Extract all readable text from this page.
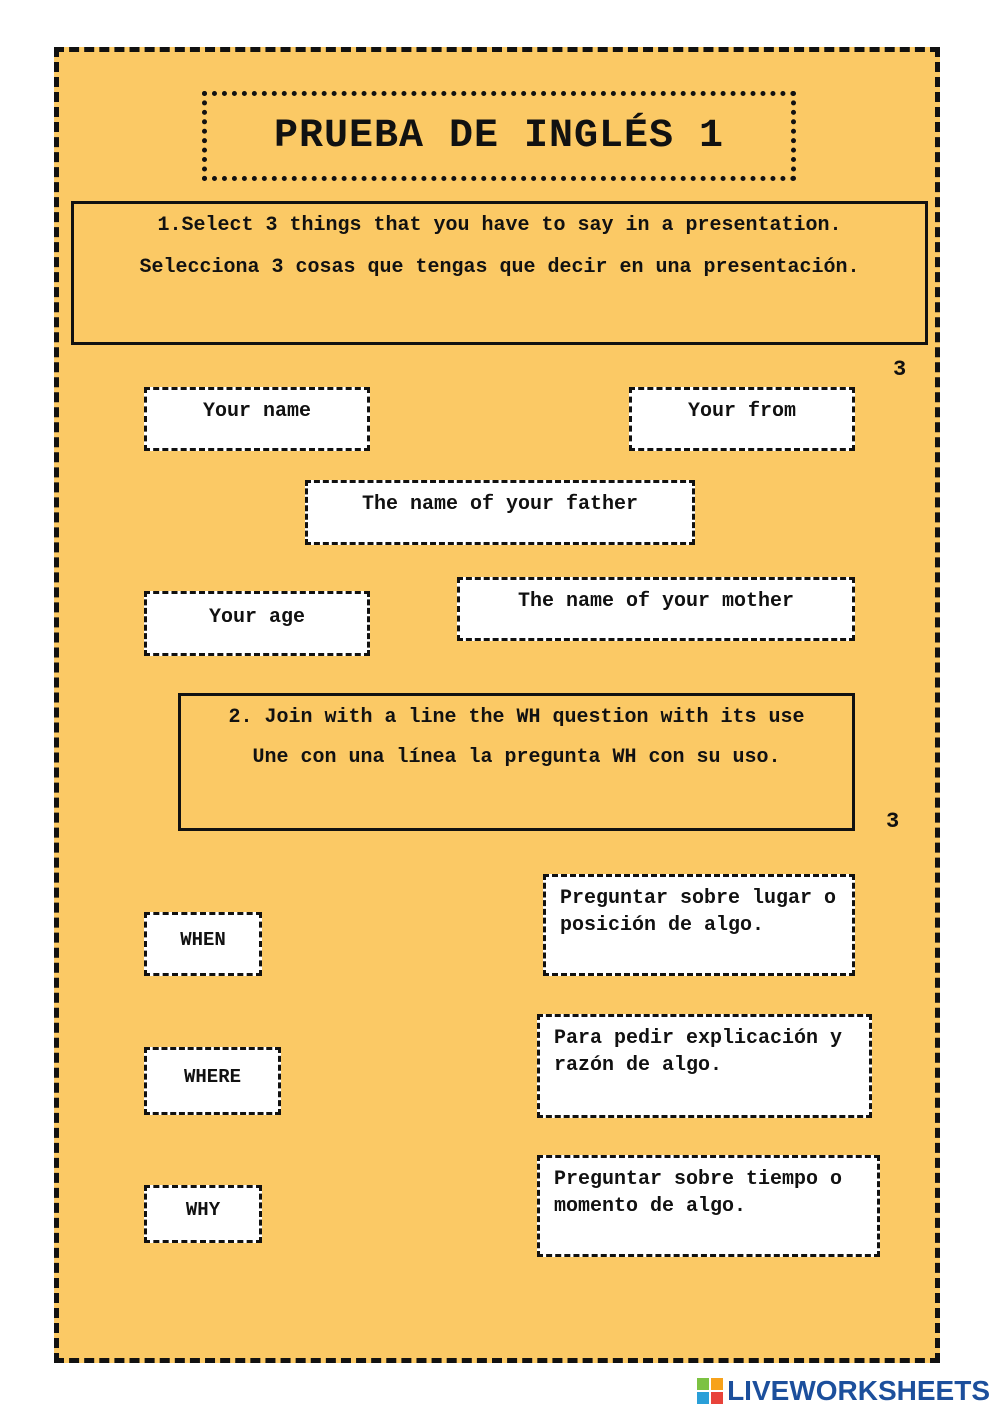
PRUEBA DE INGLÉS 1

1.Select 3 things that you have to say in a presentation.

Selecciona 3 cosas que tengas que decir en una presentación.

3
Your name	Your from
The name of your father
Your age
The name of your mother

2. Join with a line the WH question with its use

Une con una línea la pregunta WH con su uso.

3
WHEN
WHERE
WHY
Preguntar sobre lugar o posición de algo.
Para pedir explicación y razón de algo.
Preguntar sobre tiempo o momento de algo.
LIVEWORKSHEETS
